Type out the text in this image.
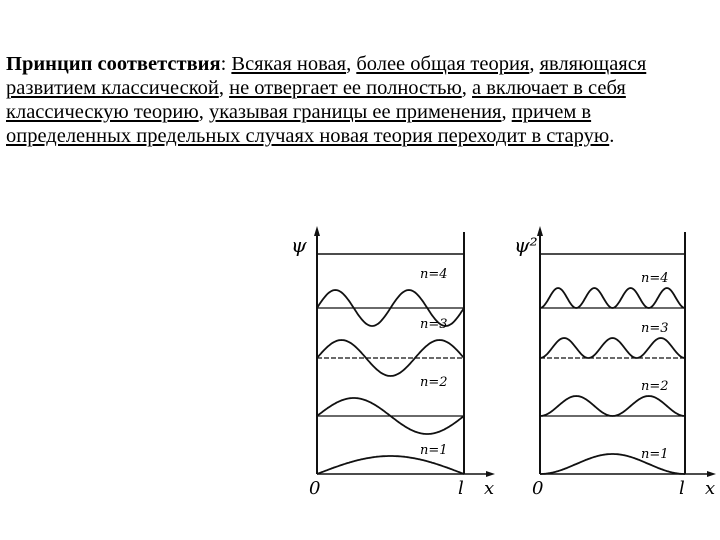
Принцип соответствия: Всякая новая, более общая теория, являющаяся развитием классической, не отвергает ее полностью, а включает в себя классическую теорию, указывая границы ее применения, причем в определенных предельных случаях новая теория переходит в старую.

ψ
0	l x
n=4
n=3
n=2
n=1
ψ²
0	l x
n=4
n=3
n=2
n=1
